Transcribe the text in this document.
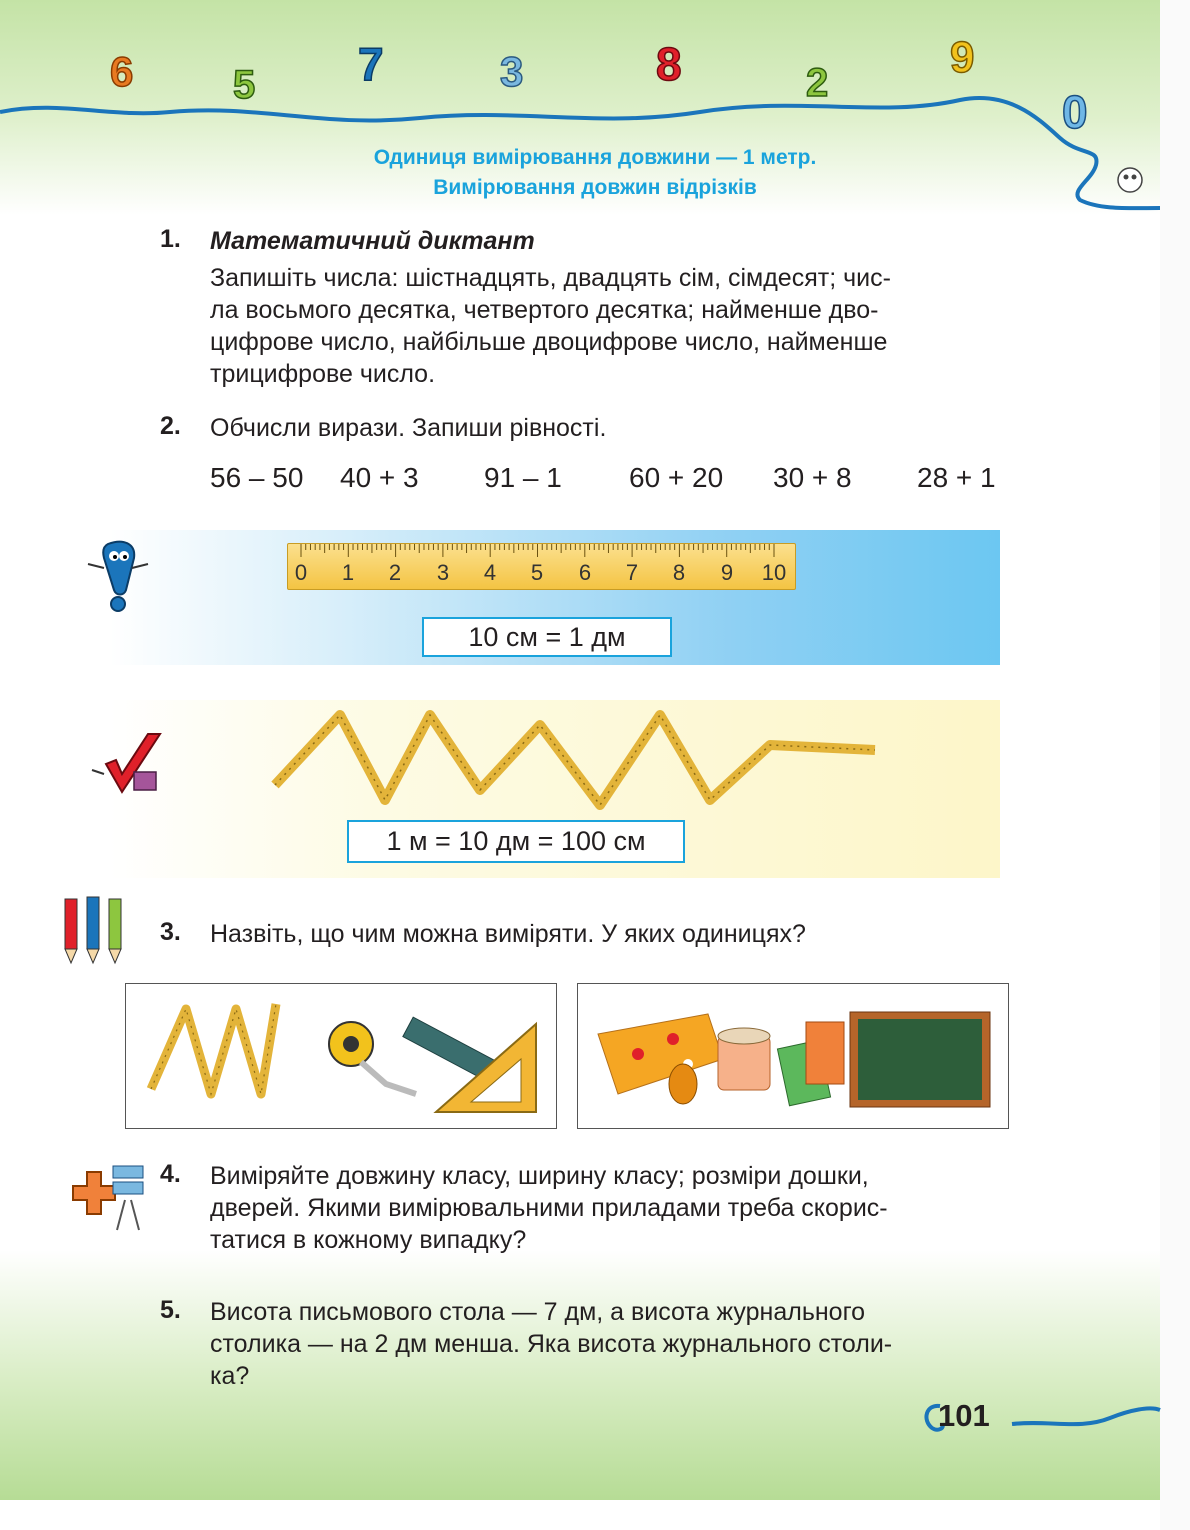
6 5 7	3	8	2
9
0
Одиниця вимірювання довжини — 1 метр.
Вимірювання довжин відрізків
1. Математичний диктант
Запишіть числа: шістнадцять, двадцять сім, сімдесят; чис-
ла восьмого десятка, четвертого десятка; найменше дво-
цифрове число, найбільше двоцифрове число, найменше
трицифрове число.
2. Обчисли вирази. Запиши рівності.
56 – 50 40 + 3 91 – 1 60 + 20 30 + 8 28 + 1
0 1 2 3 4 5 6 7 8 9 10
10 см = 1 дм
1 м = 10 дм = 100 см
3. Назвіть, що чим можна виміряти. У яких одиницях?
4. Виміряйте довжину класу, ширину класу; розміри дошки,
дверей. Якими вимірювальними приладами треба скорис-
татися в кожному випадку?
5. Висота письмового стола — 7 дм, а висота журнального
столика — на 2 дм менша. Яка висота журнального столи-
ка?
101
